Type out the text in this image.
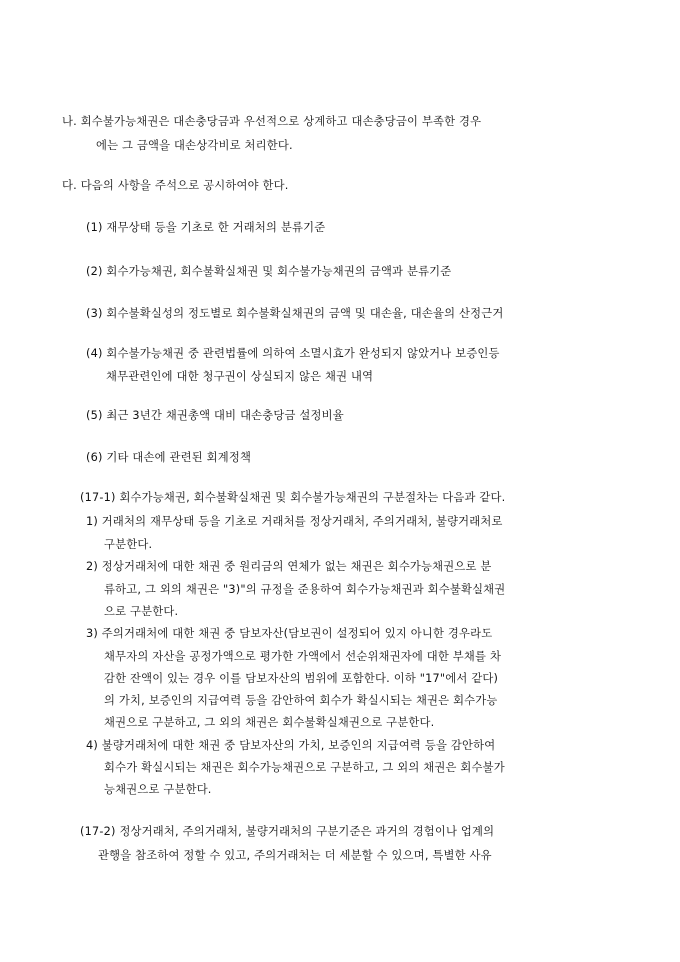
나. 회수불가능채권은 대손충당금과 우선적으로 상계하고 대손충당금이 부족한 경우
에는 그 금액을 대손상각비로 처리한다.
다. 다음의 사항을 주석으로 공시하여야 한다.
(1) 재무상태 등을 기초로 한 거래처의 분류기준
(2) 회수가능채권, 회수불확실채권 및 회수불가능채권의 금액과 분류기준
(3) 회수불확실성의 정도별로 회수불확실채권의 금액 및 대손율, 대손율의 산정근거
(4) 회수불가능채권 중 관련법률에 의하여 소멸시효가 완성되지 않았거나 보증인등
채무관련인에 대한 청구권이 상실되지 않은 채권 내역
(5) 최근 3년간 채권총액 대비 대손충당금 설정비율
(6) 기타 대손에 관련된 회계정책
(17-1) 회수가능채권, 회수불확실채권 및 회수불가능채권의 구분절차는 다음과 같다.
1) 거래처의 재무상태 등을 기초로 거래처를 정상거래처, 주의거래처, 불량거래처로
구분한다.
2) 정상거래처에 대한 채권 중 원리금의 연체가 없는 채권은 회수가능채권으로 분
류하고, 그 외의 채권은 "3)"의 규정을 준용하여 회수가능채권과 회수불확실채권
으로 구분한다.
3) 주의거래처에 대한 채권 중 담보자산(담보권이 설정되어 있지 아니한 경우라도
채무자의 자산을 공정가액으로 평가한 가액에서 선순위채권자에 대한 부채를 차
감한 잔액이 있는 경우 이를 담보자산의 범위에 포함한다. 이하 "17"에서 같다)
의 가치, 보증인의 지급여력 등을 감안하여 회수가 확실시되는 채권은 회수가능
채권으로 구분하고, 그 외의 채권은 회수불확실채권으로 구분한다.
4) 불량거래처에 대한 채권 중 담보자산의 가치, 보증인의 지급여력 등을 감안하여
회수가 확실시되는 채권은 회수가능채권으로 구분하고, 그 외의 채권은 회수불가
능채권으로 구분한다.
(17-2) 정상거래처, 주의거래처, 불량거래처의 구분기준은 과거의 경험이나 업계의
관행을 참조하여 정할 수 있고, 주의거래처는 더 세분할 수 있으며, 특별한 사유
